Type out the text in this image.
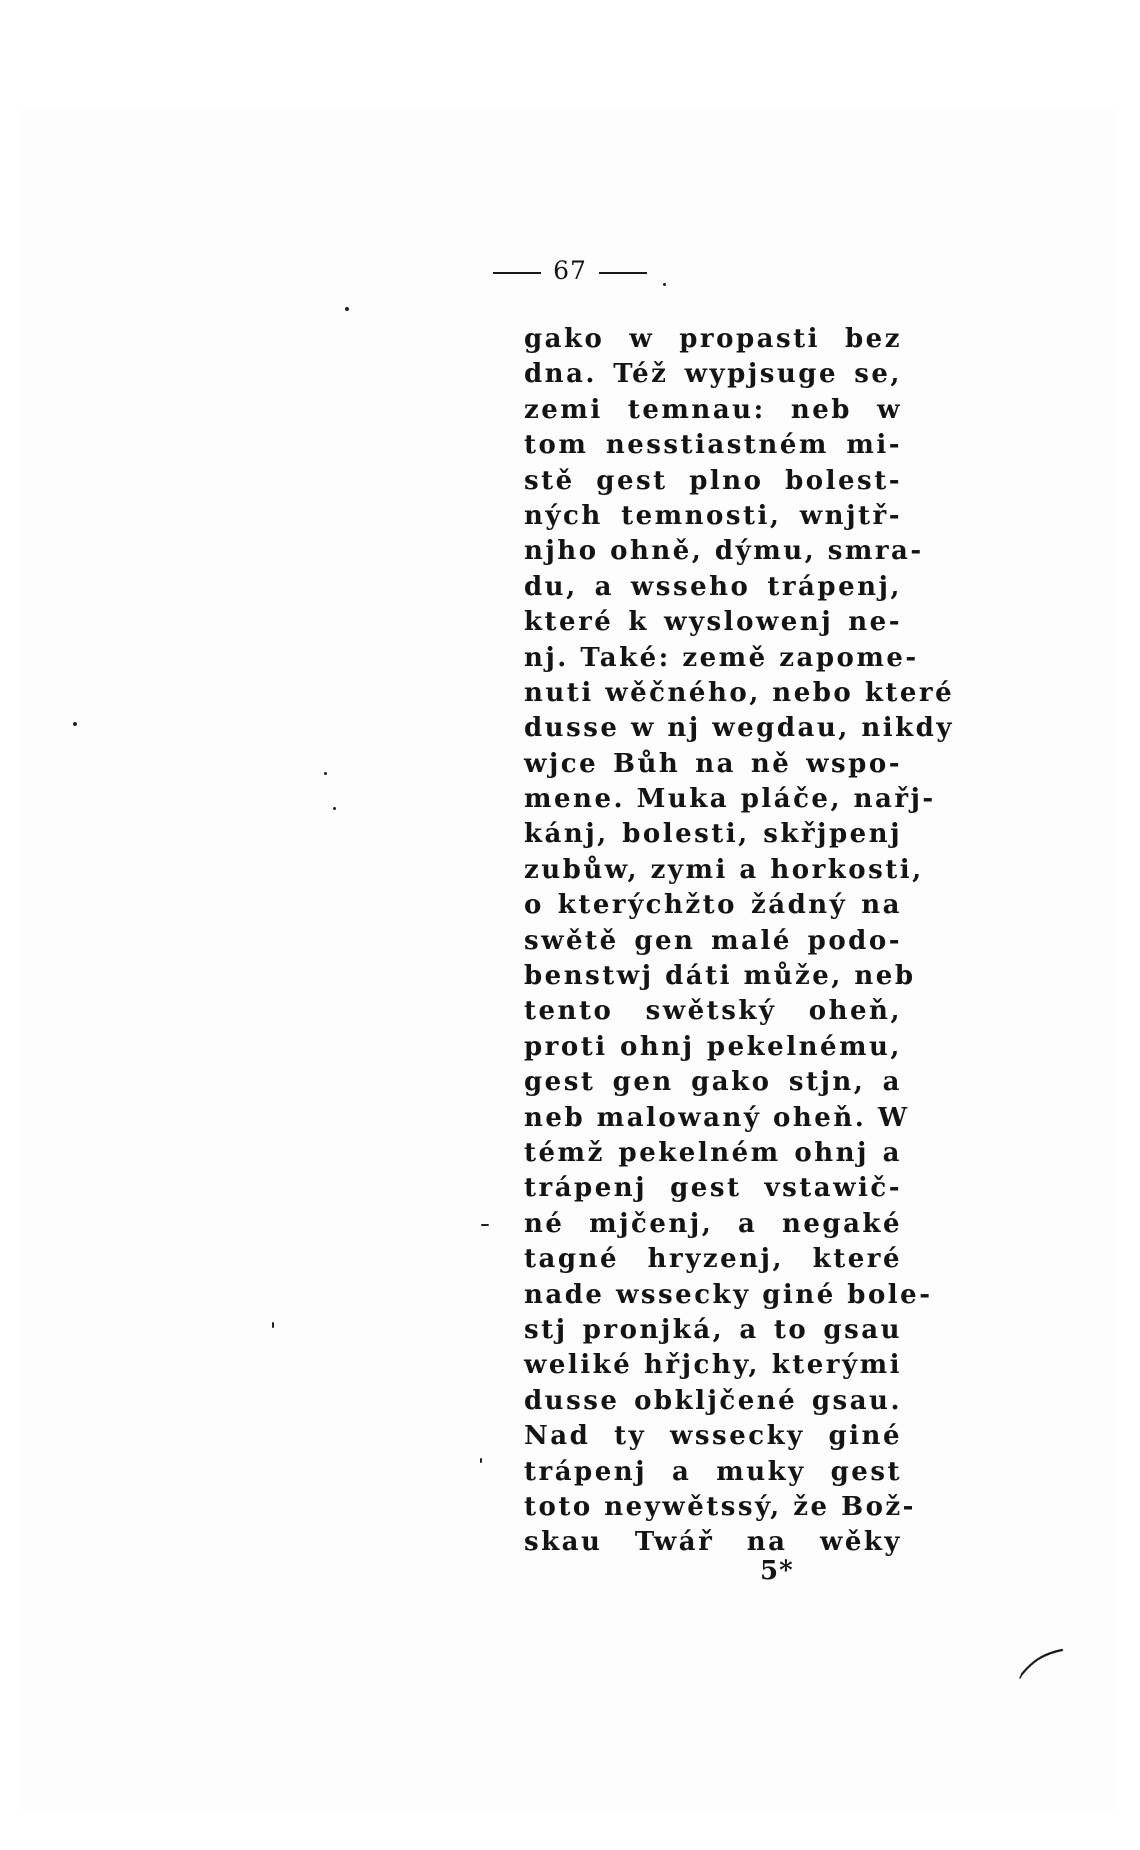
67
gako w propasti bez
dna. Též wypjsuge se,
zemi temnau: neb w
tom nesstiastném mi-
stě gest plno bolest-
ných temnosti, wnjtř-
njho ohně, dýmu, smra-
du, a wsseho trápenj,
které k wyslowenj ne-
nj. Také: země zapome-
nuti wěčného, nebo které
dusse w nj wegdau, nikdy
wjce Bůh na ně wspo-
mene. Muka pláče, nařj-
kánj, bolesti, skřjpenj
zubůw, zymi a horkosti,
o kterýchžto žádný na
swětě gen malé podo-
benstwj dáti může, neb
tento swětský oheň,
proti ohnj pekelnému,
gest gen gako stjn, a
neb malowaný oheň. W
témž pekelném ohnj a
trápenj gest vstawič-
né mjčenj, a negaké
tagné hryzenj, které
nade wssecky giné bole-
stj pronjká, a to gsau
weliké hřjchy, kterými
dusse obkljčené gsau.
Nad ty wssecky giné
trápenj a muky gest
toto neywětssý, že Bož-
skau Twář na wěky
5*
